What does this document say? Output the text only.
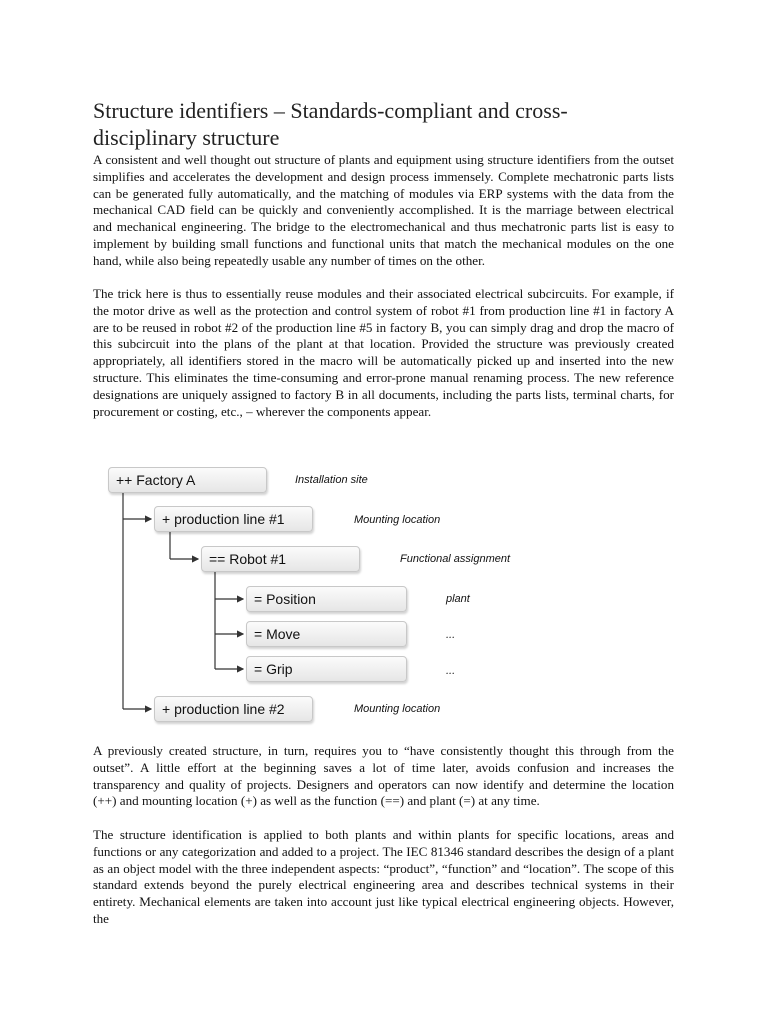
Structure identifiers – Standards-compliant and cross-disciplinary structure

A consistent and well thought out structure of plants and equipment using structure identifiers from the outset simplifies and accelerates the development and design process immensely. Complete mechatronic parts lists can be generated fully automatically, and the matching of modules via ERP systems with the data from the mechanical CAD field can be quickly and conveniently accomplished. It is the marriage between electrical and mechanical engineering. The bridge to the electromechanical and thus mechatronic parts list is easy to implement by building small functions and functional units that match the mechanical modules on the one hand, while also being repeatedly usable any number of times on the other.

The trick here is thus to essentially reuse modules and their associated electrical subcircuits. For example, if the motor drive as well as the protection and control system of robot #1 from production line #1 in factory A are to be reused in robot #2 of the production line #5 in factory B, you can simply drag and drop the macro of this subcircuit into the plans of the plant at that location. Provided the structure was previously created appropriately, all identifiers stored in the macro will be automatically picked up and inserted into the new structure. This eliminates the time-consuming and error-prone manual renaming process. The new reference designations are uniquely assigned to factory B in all documents, including the parts lists, terminal charts, for procurement or costing, etc., – wherever the components appear.

++ Factory A	Installation site
+ production line #1	Mounting location
== Robot #1	Functional assignment
= Position	plant
= Move	...
= Grip	...
+ production line #2	Mounting location

A previously created structure, in turn, requires you to “have consistently thought this through from the outset”. A little effort at the beginning saves a lot of time later, avoids confusion and increases the transparency and quality of projects. Designers and operators can now identify and determine the location (++) and mounting location (+) as well as the function (==) and plant (=) at any time.

The structure identification is applied to both plants and within plants for specific locations, areas and functions or any categorization and added to a project. The IEC 81346 standard describes the design of a plant as an object model with the three independent aspects: “product”, “function” and “location”. The scope of this standard extends beyond the purely electrical engineering area and describes technical systems in their entirety. Mechanical elements are taken into account just like typical electrical engineering objects. However, the
